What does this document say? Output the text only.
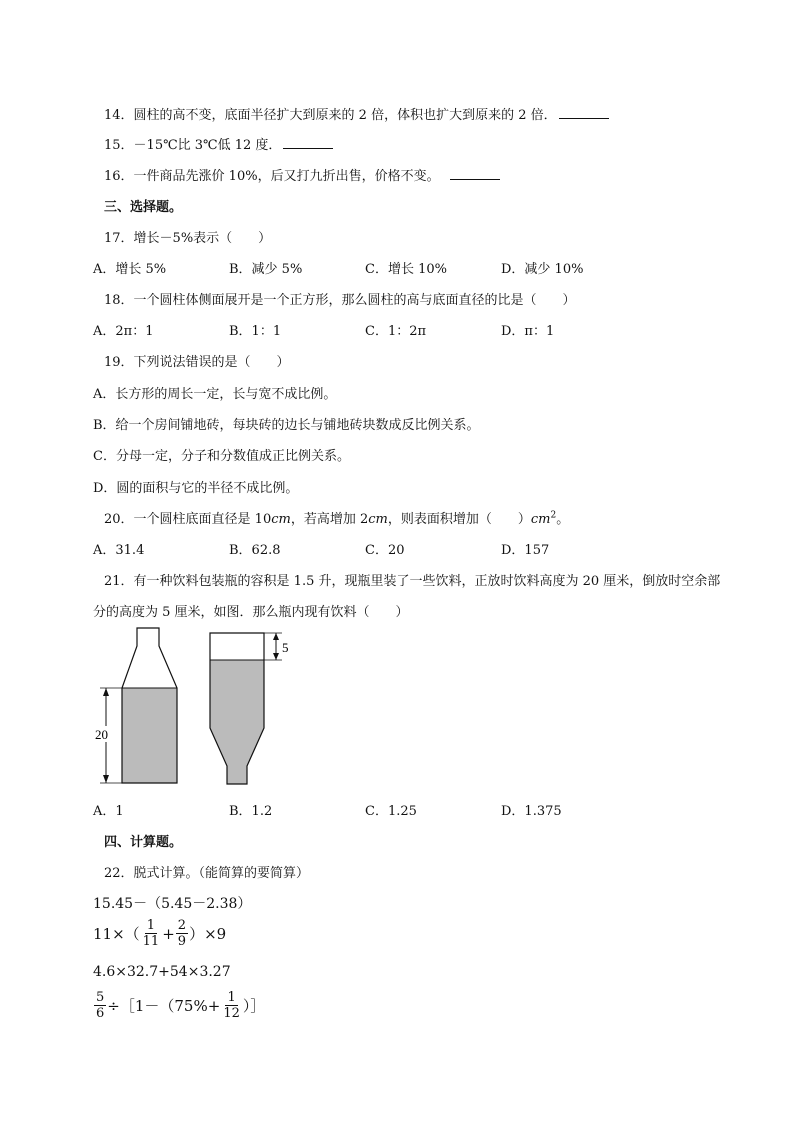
14．圆柱的高不变，底面半径扩大到原来的 2 倍，体积也扩大到原来的 2 倍．
15．－15℃比 3℃低 12 度．
16．一件商品先涨价 10%，后又打九折出售，价格不变。
三、选择题。
17．增长－5%表示（　　）
A．增长 5%	B．减少 5%	C．增长 10%	D．减少 10%
18．一个圆柱体侧面展开是一个正方形，那么圆柱的高与底面直径的比是（　　）
A．2π：1	B．1：1	C．1：2π	D．π：1
19．下列说法错误的是（　　）
A．长方形的周长一定，长与宽不成比例。
B．给一个房间铺地砖，每块砖的边长与铺地砖块数成反比例关系。
C．分母一定，分子和分数值成正比例关系。
D．圆的面积与它的半径不成比例。
20．一个圆柱底面直径是 10cm，若高增加 2cm，则表面积增加（　　）$cm^2$。
A．31.4	B．62.8	C．20	D．157
21．有一种饮料包装瓶的容积是 1.5 升，现瓶里装了一些饮料，正放时饮料高度为 20 厘米，倒放时空余部
分的高度为 5 厘米，如图．那么瓶内现有饮料（　　）
20
5
A．1	B．1.2	C．1.25	D．1.375
四、计算题。
22．脱式计算。（能简算的要简算）
15.45－（5.45－2.38）
$11\times( \frac{1}{11} + \frac{2}{9} )\times 9$
4.6×32.7+54×3.27
$\frac{5}{6}$ ÷［1－（75%+ $\frac{1}{12}$ ）］
